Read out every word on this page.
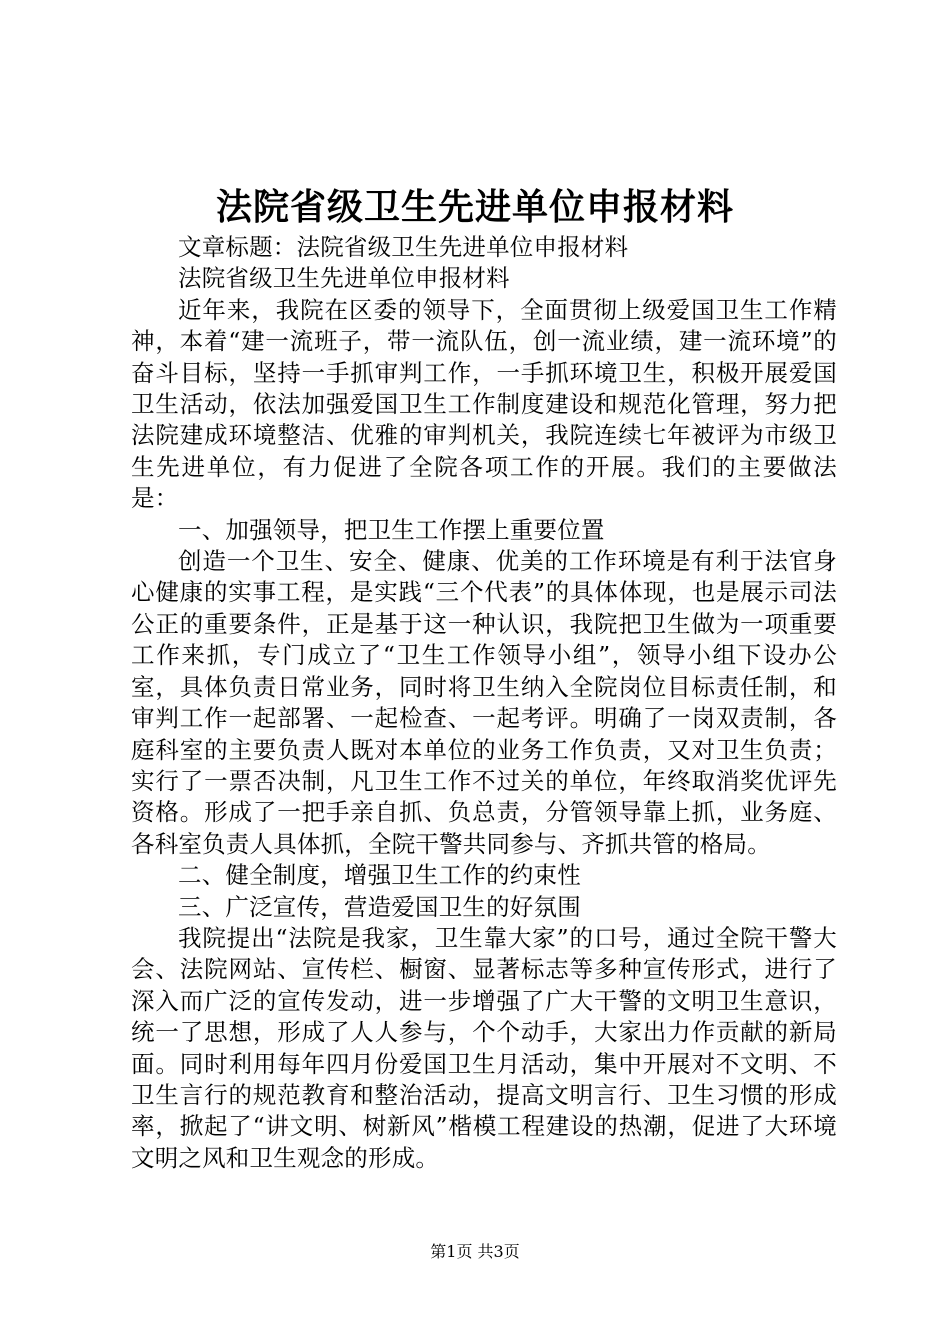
法院省级卫生先进单位申报材料

文章标题：法院省级卫生先进单位申报材料

法院省级卫生先进单位申报材料

近年来，我院在区委的领导下，全面贯彻上级爱国卫生工作精神，本着“建一流班子，带一流队伍，创一流业绩，建一流环境”的奋斗目标，坚持一手抓审判工作，一手抓环境卫生，积极开展爱国卫生活动，依法加强爱国卫生工作制度建设和规范化管理，努力把法院建成环境整洁、优雅的审判机关，我院连续七年被评为市级卫生先进单位，有力促进了全院各项工作的开展。我们的主要做法是：

一、加强领导，把卫生工作摆上重要位置

创造一个卫生、安全、健康、优美的工作环境是有利于法官身心健康的实事工程，是实践“三个代表”的具体体现，也是展示司法公正的重要条件，正是基于这一种认识，我院把卫生做为一项重要工作来抓，专门成立了“卫生工作领导小组”，领导小组下设办公室，具体负责日常业务，同时将卫生纳入全院岗位目标责任制，和审判工作一起部署、一起检查、一起考评。明确了一岗双责制，各庭科室的主要负责人既对本单位的业务工作负责，又对卫生负责；实行了一票否决制，凡卫生工作不过关的单位，年终取消奖优评先资格。形成了一把手亲自抓、负总责，分管领导靠上抓，业务庭、各科室负责人具体抓，全院干警共同参与、齐抓共管的格局。

二、健全制度，增强卫生工作的约束性

三、广泛宣传，营造爱国卫生的好氛围

我院提出“法院是我家，卫生靠大家”的口号，通过全院干警大会、法院网站、宣传栏、橱窗、显著标志等多种宣传形式，进行了深入而广泛的宣传发动，进一步增强了广大干警的文明卫生意识，统一了思想，形成了人人参与，个个动手，大家出力作贡献的新局面。同时利用每年四月份爱国卫生月活动，集中开展对不文明、不卫生言行的规范教育和整治活动，提高文明言行、卫生习惯的形成率，掀起了“讲文明、树新风”楷模工程建设的热潮，促进了大环境文明之风和卫生观念的形成。

第1页 共3页
